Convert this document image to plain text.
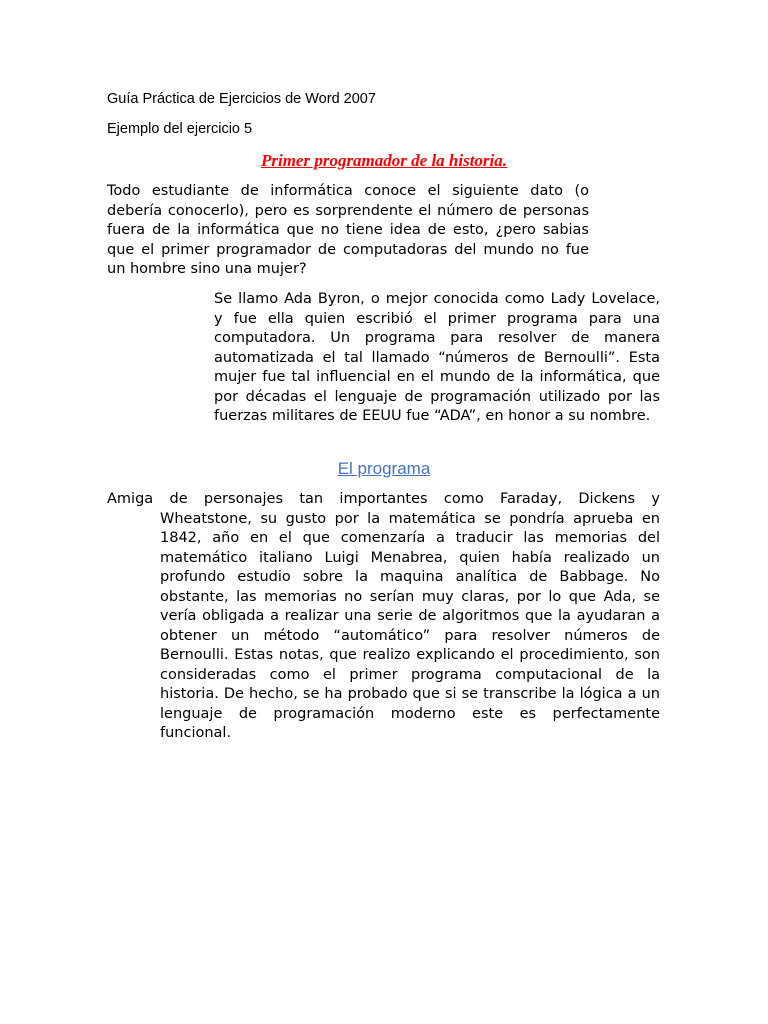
Guía Práctica de Ejercicios de Word 2007
Ejemplo del ejercicio 5
Primer programador de la historia.

Todo estudiante de informática conoce el siguiente dato (o debería conocerlo), pero es sorprendente el número de personas fuera de la informática que no tiene idea de esto, ¿pero sabias que el primer programador de computadoras del mundo no fue un hombre sino una mujer?

Se llamo Ada Byron, o mejor conocida como Lady Lovelace, y fue ella quien escribió el primer programa para una computadora. Un programa para resolver de manera automatizada el tal llamado “números de Bernoulli”. Esta mujer fue tal influencial en el mundo de la informática, que por décadas el lenguaje de programación utilizado por las fuerzas militares de EEUU fue “ADA”, en honor a su nombre.

El programa

Amiga de personajes tan importantes como Faraday, Dickens y Wheatstone, su gusto por la matemática se pondría aprueba en 1842, año en el que comenzaría a traducir las memorias del matemático italiano Luigi Menabrea, quien había realizado un profundo estudio sobre la maquina analítica de Babbage. No obstante, las memorias no serían muy claras, por lo que Ada, se vería obligada a realizar una serie de algoritmos que la ayudaran a obtener un método “automático” para resolver números de Bernoulli. Estas notas, que realizo explicando el procedimiento, son consideradas como el primer programa computacional de la historia. De hecho, se ha probado que si se transcribe la lógica a un lenguaje de programación moderno este es perfectamente funcional.
